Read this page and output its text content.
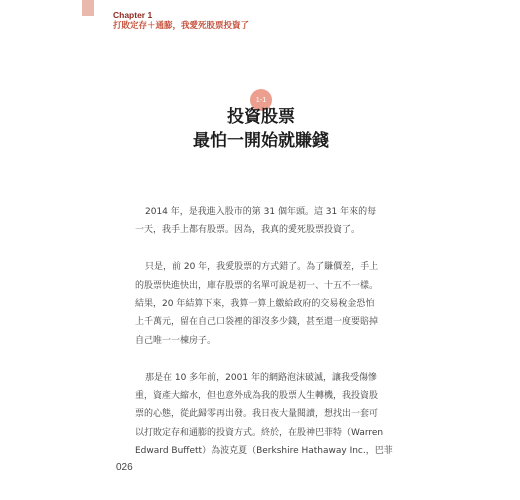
Chapter 1
打敗定存＋通膨，我愛死股票投資了
1-1
投資股票
最怕一開始就賺錢

2014 年，是我進入股市的第 31 個年頭。這 31 年來的每
一天，我手上都有股票。因為，我真的愛死股票投資了。

只是，前 20 年，我愛股票的方式錯了。為了賺價差，手上
的股票快進快出，庫存股票的名單可說是初一、十五不一樣。
結果，20 年結算下來，我算一算上繳給政府的交易稅金恐怕
上千萬元，留在自己口袋裡的卻沒多少錢，甚至還一度要賠掉
自己唯一一棟房子。

那是在 10 多年前，2001 年的網路泡沫破滅，讓我受傷慘
重，資產大縮水，但也意外成為我的股票人生轉機，我投資股
票的心態，從此歸零再出發。我日夜大量閱讀，想找出一套可
以打敗定存和通膨的投資方式。終於，在股神巴菲特（Warren
Edward Buffett）為波克夏（Berkshire Hathaway Inc.，巴菲

026
